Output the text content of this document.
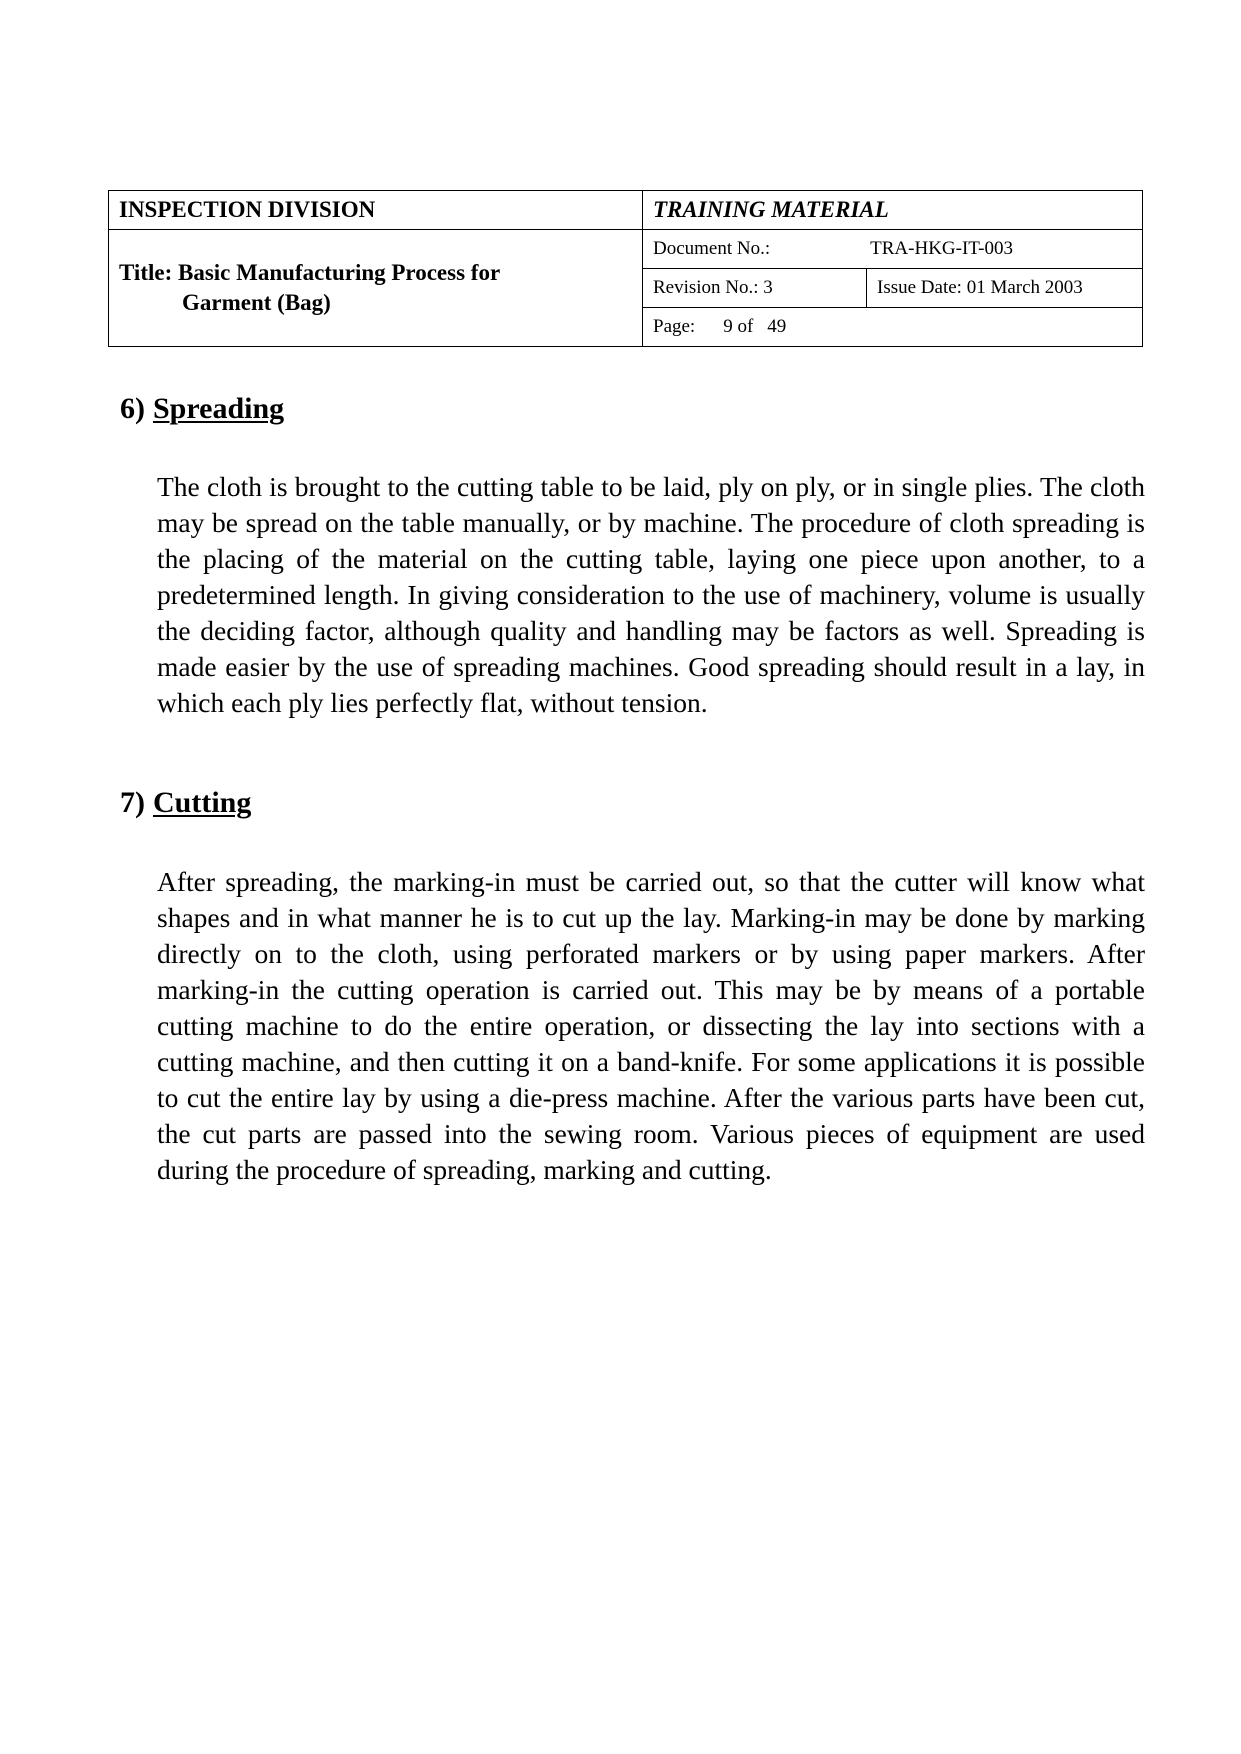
INSPECTION DIVISION	TRAINING MATERIAL	
Title: Basic Manufacturing Process for
Garment (Bag)	Document No.: TRA-HKG-IT-003	
	Revision No.: 3	Issue Date: 01 March 2003
	Page: 9 of 49	
6) Spreading

The cloth is brought to the cutting table to be laid, ply on ply, or in single plies. The cloth may be spread on the table manually, or by machine. The procedure of cloth spreading is the placing of the material on the cutting table, laying one piece upon another, to a predetermined length. In giving consideration to the use of machinery, volume is usually the deciding factor, although quality and handling may be factors as well. Spreading is made easier by the use of spreading machines. Good spreading should result in a lay, in which each ply lies perfectly flat, without tension.

7) Cutting

After spreading, the marking-in must be carried out, so that the cutter will know what shapes and in what manner he is to cut up the lay. Marking-in may be done by marking directly on to the cloth, using perforated markers or by using paper markers. After marking-in the cutting operation is carried out. This may be by means of a portable cutting machine to do the entire operation, or dissecting the lay into sections with a cutting machine, and then cutting it on a band-knife. For some applications it is possible to cut the entire lay by using a die-press machine. After the various parts have been cut, the cut parts are passed into the sewing room. Various pieces of equipment are used during the procedure of spreading, marking and cutting.
